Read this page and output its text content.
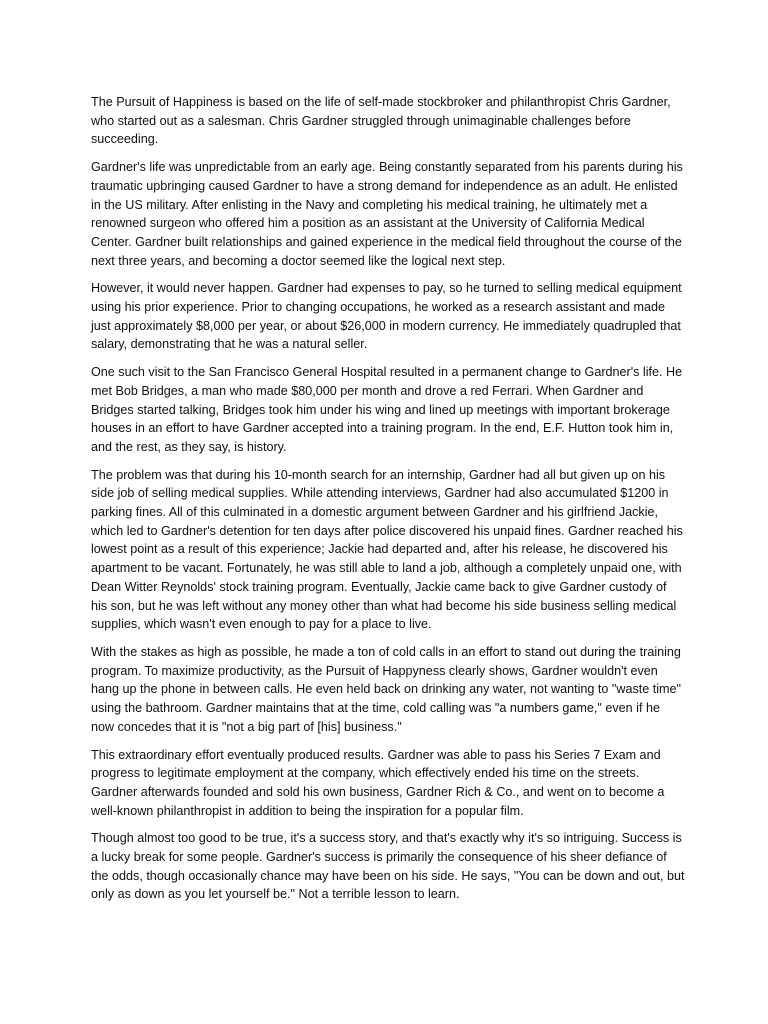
The Pursuit of Happiness is based on the life of self-made stockbroker and philanthropist Chris Gardner, who started out as a salesman. Chris Gardner struggled through unimaginable challenges before succeeding.

Gardner's life was unpredictable from an early age. Being constantly separated from his parents during his traumatic upbringing caused Gardner to have a strong demand for independence as an adult. He enlisted in the US military. After enlisting in the Navy and completing his medical training, he ultimately met a renowned surgeon who offered him a position as an assistant at the University of California Medical Center. Gardner built relationships and gained experience in the medical field throughout the course of the next three years, and becoming a doctor seemed like the logical next step.

However, it would never happen. Gardner had expenses to pay, so he turned to selling medical equipment using his prior experience. Prior to changing occupations, he worked as a research assistant and made just approximately $8,000 per year, or about $26,000 in modern currency. He immediately quadrupled that salary, demonstrating that he was a natural seller.

One such visit to the San Francisco General Hospital resulted in a permanent change to Gardner's life. He met Bob Bridges, a man who made $80,000 per month and drove a red Ferrari. When Gardner and Bridges started talking, Bridges took him under his wing and lined up meetings with important brokerage houses in an effort to have Gardner accepted into a training program. In the end, E.F. Hutton took him in, and the rest, as they say, is history.

The problem was that during his 10-month search for an internship, Gardner had all but given up on his side job of selling medical supplies. While attending interviews, Gardner had also accumulated $1200 in parking fines. All of this culminated in a domestic argument between Gardner and his girlfriend Jackie, which led to Gardner's detention for ten days after police discovered his unpaid fines. Gardner reached his lowest point as a result of this experience; Jackie had departed and, after his release, he discovered his apartment to be vacant. Fortunately, he was still able to land a job, although a completely unpaid one, with Dean Witter Reynolds' stock training program. Eventually, Jackie came back to give Gardner custody of his son, but he was left without any money other than what had become his side business selling medical supplies, which wasn't even enough to pay for a place to live.

With the stakes as high as possible, he made a ton of cold calls in an effort to stand out during the training program. To maximize productivity, as the Pursuit of Happyness clearly shows, Gardner wouldn't even hang up the phone in between calls. He even held back on drinking any water, not wanting to "waste time" using the bathroom. Gardner maintains that at the time, cold calling was "a numbers game," even if he now concedes that it is "not a big part of [his] business."

This extraordinary effort eventually produced results. Gardner was able to pass his Series 7 Exam and progress to legitimate employment at the company, which effectively ended his time on the streets. Gardner afterwards founded and sold his own business, Gardner Rich & Co., and went on to become a well-known philanthropist in addition to being the inspiration for a popular film.

Though almost too good to be true, it's a success story, and that's exactly why it's so intriguing. Success is a lucky break for some people. Gardner's success is primarily the consequence of his sheer defiance of the odds, though occasionally chance may have been on his side. He says, "You can be down and out, but only as down as you let yourself be." Not a terrible lesson to learn.
